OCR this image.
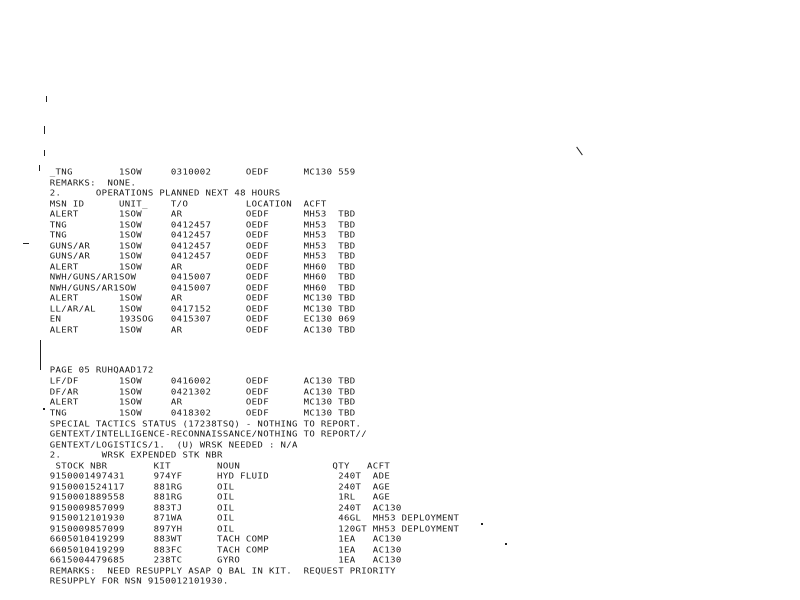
_TNG        1SOW     0310002      OEDF      MC130 559
REMARKS:  NONE.
2.      OPERATIONS PLANNED NEXT 48 HOURS
MSN ID      UNIT_    T/O          LOCATION  ACFT
ALERT       1SOW     AR           OEDF      MH53  TBD
TNG         1SOW     0412457      OEDF      MH53  TBD
TNG         1SOW     0412457      OEDF      MH53  TBD
GUNS/AR     1SOW     0412457      OEDF      MH53  TBD
GUNS/AR     1SOW     0412457      OEDF      MH53  TBD
ALERT       1SOW     AR           OEDF      MH60  TBD
NWH/GUNS/AR1SOW      0415007      OEDF      MH60  TBD
NWH/GUNS/AR1SOW      0415007      OEDF      MH60  TBD
ALERT       1SOW     AR           OEDF      MC130 TBD
LL/AR/AL    1SOW     0417152      OEDF      MC130 TBD
EN          193SOG   0415307      OEDF      EC130 069
ALERT       1SOW     AR           OEDF      AC130 TBD
PAGE 05 RUHQAAD172
LF/DF       1SOW     0416002      OEDF      AC130 TBD
DF/AR       1SOW     0421302      OEDF      AC130 TBD
ALERT       1SOW     AR           OEDF      MC130 TBD
TNG         1SOW     0418302      OEDF      MC130 TBD
SPECIAL TACTICS STATUS (17238TSQ) - NOTHING TO REPORT.
GENTEXT/INTELLIGENCE-RECONNAISSANCE/NOTHING TO REPORT//
GENTEXT/LOGISTICS/1.  (U) WRSK NEEDED : N/A
2.       WRSK EXPENDED STK NBR
STOCK NBR        KIT        NOUN                QTY   ACFT
9150001497431     974YF      HYD FLUID            240T  ADE
9150001524117     881RG      OIL                  240T  AGE
9150001889558     881RG      OIL                  1RL   AGE
9150009857099     883TJ      OIL                  240T  AC130
9150012101930     871WA      OIL                  46GL  MH53 DEPLOYMENT
9150009857099     897YH      OIL                  120GT MH53 DEPLOYMENT
6605010419299     883WT      TACH COMP            1EA   AC130
6605010419299     883FC      TACH COMP            1EA   AC130
6615004479685     238TC      GYRO                 1EA   AC130
REMARKS:  NEED RESUPPLY ASAP Q BAL IN KIT.  REQUEST PRIORITY
RESUPPLY FOR NSN 9150012101930.
